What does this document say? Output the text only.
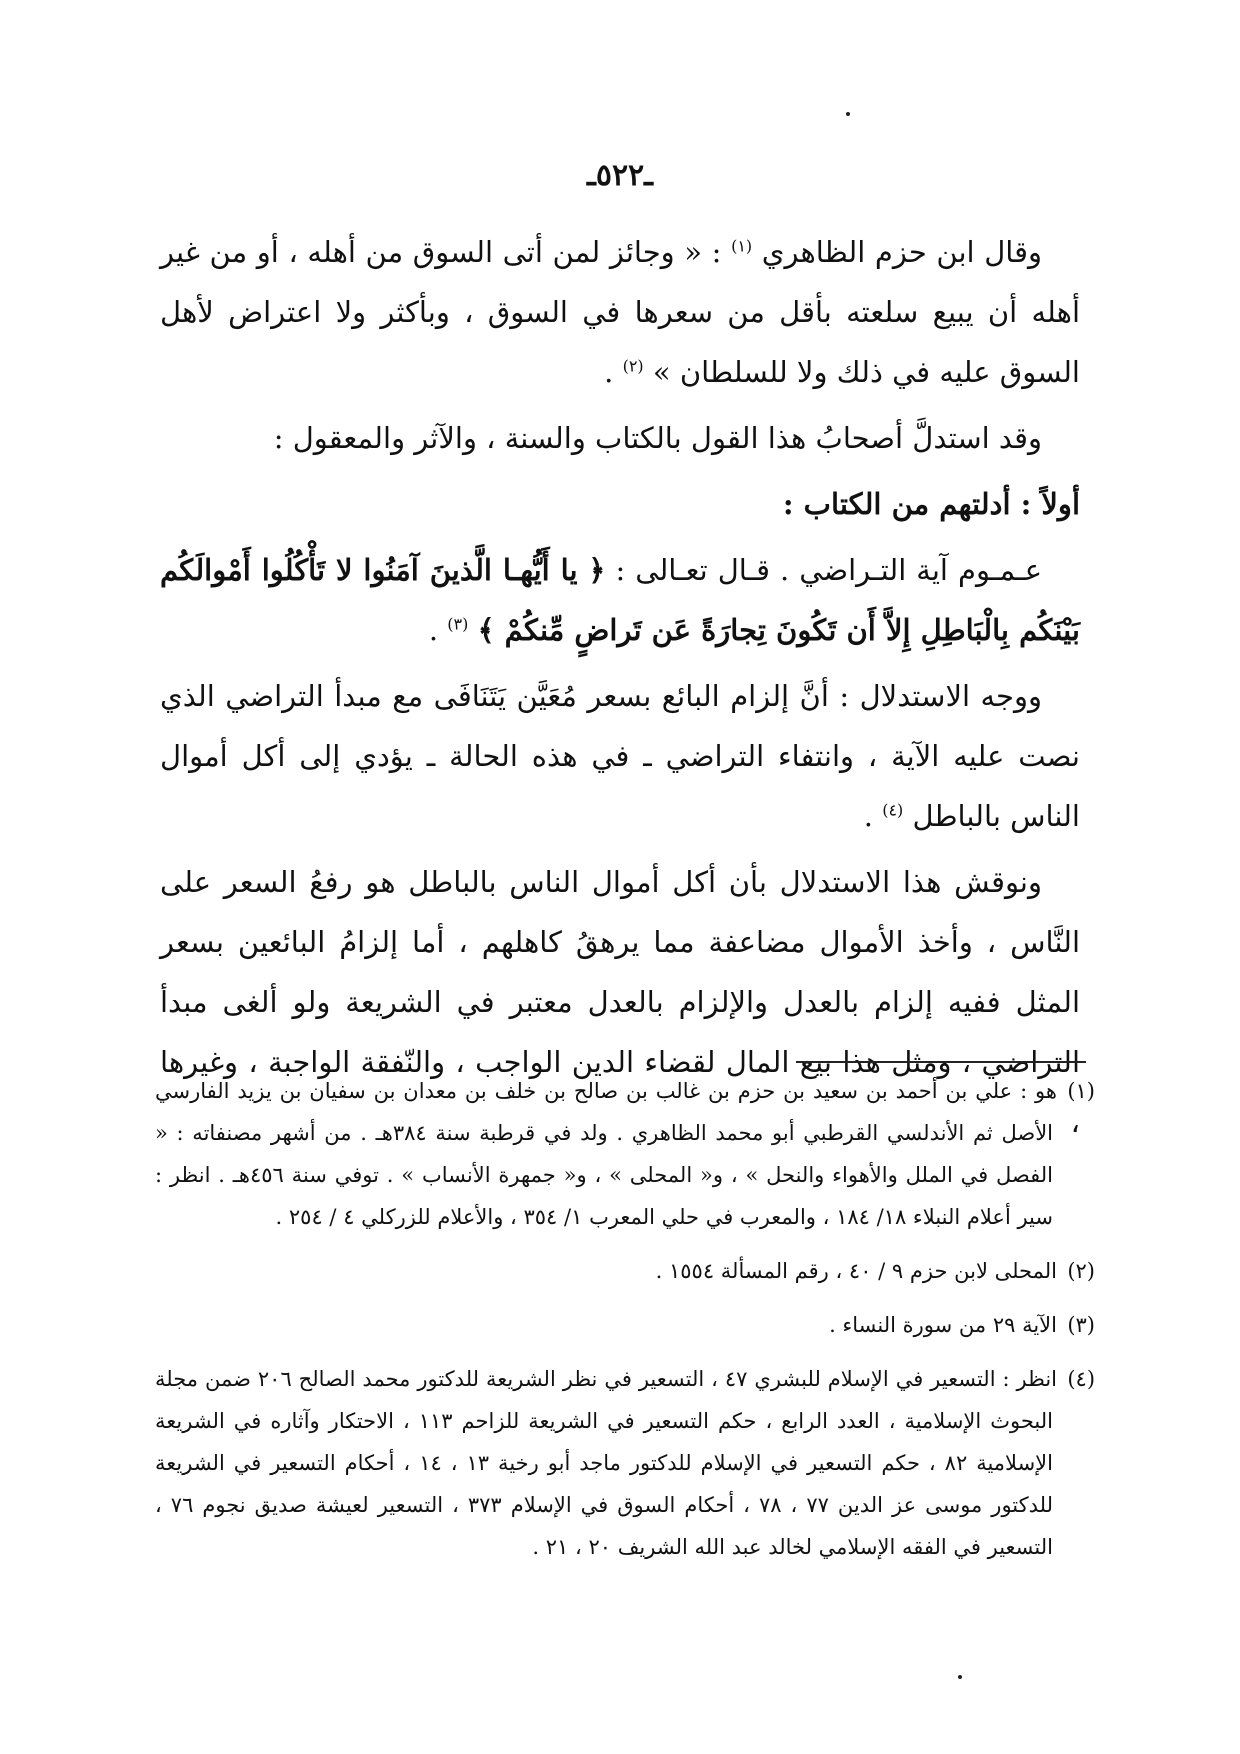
ـ٥٢٢ـ

وقال ابن حزم الظاهري $^{(١)}$ : « وجائز لمن أتى السوق من أهله ، أو من غير أهله أن يبيع سلعته بأقل من سعرها في السوق ، وبأكثر ولا اعتراض لأهل السوق عليه في ذلك ولا للسلطان » $^{(٢)}$ .

وقد استدلَّ أصحابُ هذا القول بالكتاب والسنة ، والآثر والمعقول :

أولاً : أدلتهم من الكتاب :

عـمـوم آية التـراضي . قـال تعـالى : ﴿ يا أَيُّهـا الَّذينَ آمَنُوا لا تَأْكُلُوا أَمْوالَكُم بَيْنَكُم بِالْبَاطِلِ إِلاَّ أَن تَكُونَ تِجارَةً عَن تَراضٍ مِّنكُمْ ﴾ $^{(٣)}$ .

ووجه الاستدلال : أنَّ إلزام البائع بسعر مُعَيَّن يَتَنَافَى مع مبدأ التراضي الذي نصت عليه الآية ، وانتفاء التراضي ـ في هذه الحالة ـ يؤدي إلى أكل أموال الناس بالباطل $^{(٤)}$ .

ونوقش هذا الاستدلال بأن أكل أموال الناس بالباطل هو رفعُ السعر على النَّاس ، وأخذ الأموال مضاعفة مما يرهقُ كاهلهم ، أما إلزامُ البائعين بسعر المثل ففيه إلزام بالعدل والإلزام بالعدل معتبر في الشريعة ولو ألغى مبدأ التراضي ، ومثل هذا بيع المال لقضاء الدين الواجب ، والنّفقة الواجبة ، وغيرها ،

(١)هو : علي بن أحمد بن سعيد بن حزم بن غالب بن صالح بن خلف بن معدان بن سفيان بن يزيد الفارسي الأصل ثم الأندلسي القرطبي أبو محمد الظاهري . ولد في قرطبة سنة ٣٨٤هـ . من أشهر مصنفاته : « الفصل في الملل والأهواء والنحل » ، و« المحلى » ، و« جمهرة الأنساب » . توفي سنة ٤٥٦هـ . انظر : سير أعلام النبلاء ١٨/ ١٨٤ ، والمعرب في حلي المعرب ١/ ٣٥٤ ، والأعلام للزركلي ٤ / ٢٥٤ .

(٢)المحلى لابن حزم ٩ / ٤٠ ، رقم المسألة ١٥٥٤ .

(٣)الآية ٢٩ من سورة النساء .

(٤)انظر : التسعير في الإسلام للبشري ٤٧ ، التسعير في نظر الشريعة للدكتور محمد الصالح ٢٠٦ ضمن مجلة البحوث الإسلامية ، العدد الرابع ، حكم التسعير في الشريعة للزاحم ١١٣ ، الاحتكار وآثاره في الشريعة الإسلامية ٨٢ ، حكم التسعير في الإسلام للدكتور ماجد أبو رخية ١٣ ، ١٤ ، أحكام التسعير في الشريعة للدكتور موسى عز الدين ٧٧ ، ٧٨ ، أحكام السوق في الإسلام ٣٧٣ ، التسعير لعيشة صديق نجوم ٧٦ ، التسعير في الفقه الإسلامي لخالد عبد الله الشريف ٢٠ ، ٢١ .
